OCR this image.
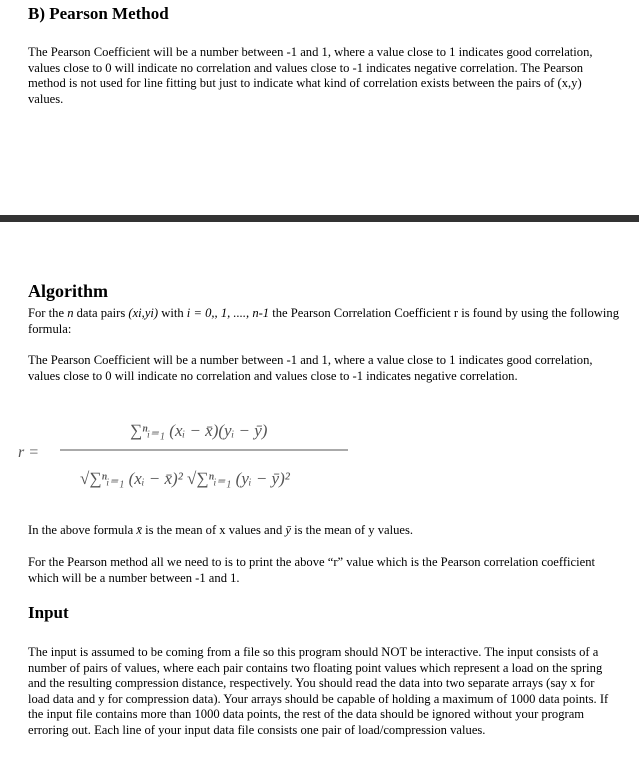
B) Pearson Method
The Pearson Coefficient will be a number between -1 and 1, where a value close to 1 indicates good correlation, values close to 0 will indicate no correlation and values close to -1 indicates negative correlation. The Pearson method is not used for line fitting but just to indicate what kind of correlation exists between the pairs of (x,y) values.
Algorithm
For the n data pairs (xi,yi) with i = 0,, 1, ...., n-1 the Pearson Correlation Coefficient r is found by using the following formula:
The Pearson Coefficient will be a number between -1 and 1, where a value close to 1 indicates good correlation, values close to 0 will indicate no correlation and values close to -1 indicates negative correlation.
r =
∑ⁿᵢ₌₁ (xᵢ − x̄)(yᵢ − ȳ)
√∑ⁿᵢ₌₁ (xᵢ − x̄)² √∑ⁿᵢ₌₁ (yᵢ − ȳ)²
In the above formula x̄ is the mean of x values and ȳ is the mean of y values.
For the Pearson method all we need to is to print the above “r” value which is the Pearson correlation coefficient which will be a number between -1 and 1.
Input
The input is assumed to be coming from a file so this program should NOT be interactive. The input consists of a number of pairs of values, where each pair contains two floating point values which represent a load on the spring and the resulting compression distance, respectively. You should read the data into two separate arrays (say x for load data and y for compression data). Your arrays should be capable of holding a maximum of 1000 data points. If the input file contains more than 1000 data points, the rest of the data should be ignored without your program erroring out. Each line of your input data file consists one pair of load/compression values.
